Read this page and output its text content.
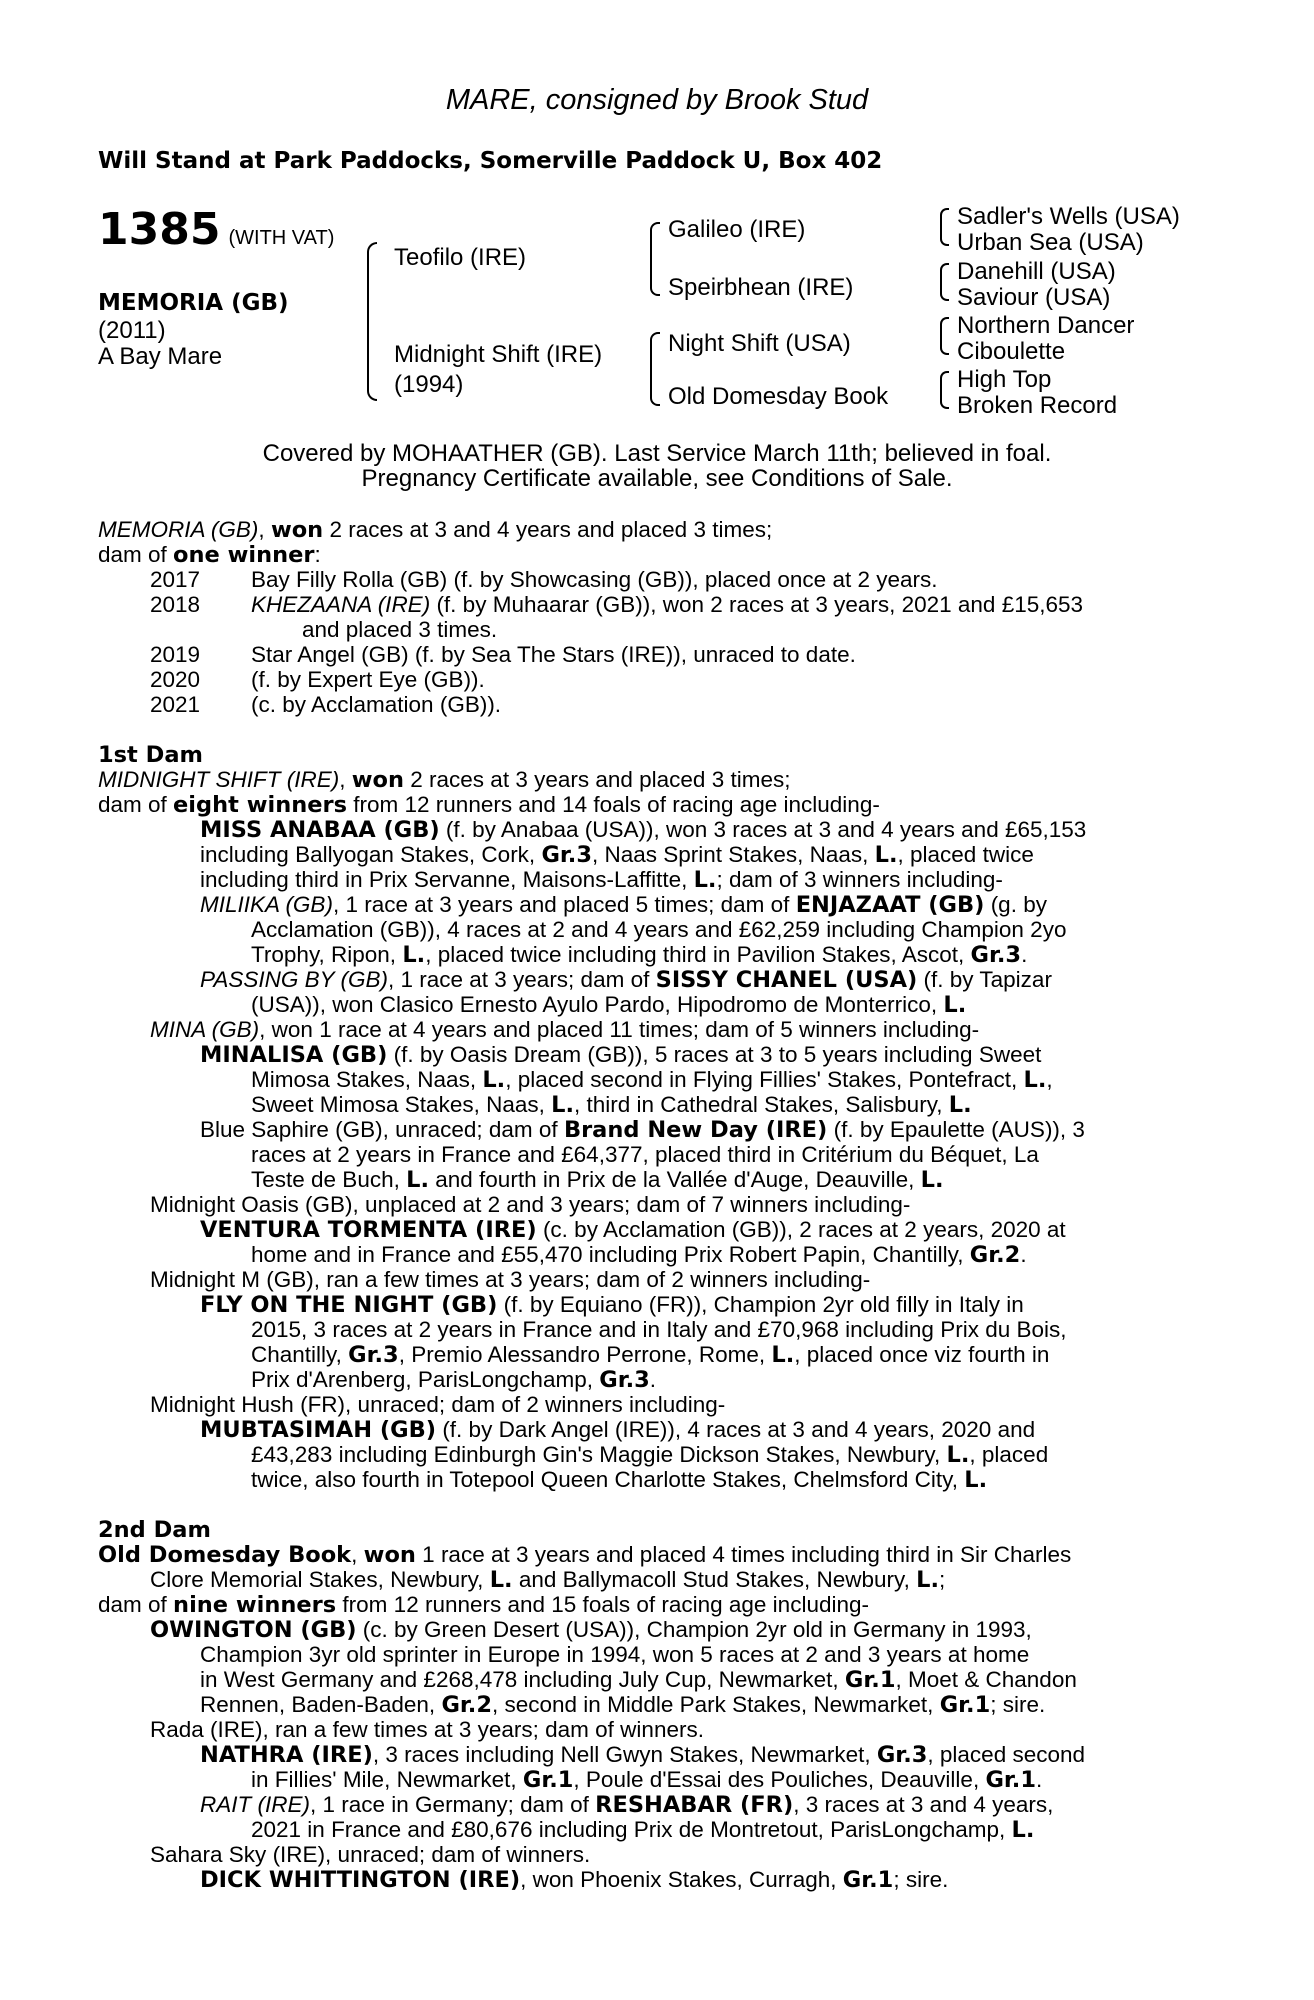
MARE, consigned by Brook Stud
Will Stand at Park Paddocks, Somerville Paddock U, Box 402
1385 (WITH VAT)
MEMORIA (GB)
(2011)
A Bay Mare
Teofilo (IRE)
Midnight Shift (IRE)
(1994)
Galileo (IRE)
Speirbhean (IRE)
Night Shift (USA)
Old Domesday Book
Sadler's Wells (USA)
Urban Sea (USA)
Danehill (USA)
Saviour (USA)
Northern Dancer
Ciboulette
High Top
Broken Record
Covered by MOHAATHER (GB). Last Service March 11th; believed in foal.
Pregnancy Certificate available, see Conditions of Sale.
MEMORIA (GB), won 2 races at 3 and 4 years and placed 3 times;
dam of one winner:
2017 Bay Filly Rolla (GB) (f. by Showcasing (GB)), placed once at 2 years.
2018 KHEZAANA (IRE) (f. by Muhaarar (GB)), won 2 races at 3 years, 2021 and £15,653
and placed 3 times.
2019 Star Angel (GB) (f. by Sea The Stars (IRE)), unraced to date.
2020 (f. by Expert Eye (GB)).
2021 (c. by Acclamation (GB)).
1st Dam
MIDNIGHT SHIFT (IRE), won 2 races at 3 years and placed 3 times;
dam of eight winners from 12 runners and 14 foals of racing age including-
MISS ANABAA (GB) (f. by Anabaa (USA)), won 3 races at 3 and 4 years and £65,153
including Ballyogan Stakes, Cork, Gr.3, Naas Sprint Stakes, Naas, L., placed twice
including third in Prix Servanne, Maisons-Laffitte, L.; dam of 3 winners including-
MILIIKA (GB), 1 race at 3 years and placed 5 times; dam of ENJAZAAT (GB) (g. by
Acclamation (GB)), 4 races at 2 and 4 years and £62,259 including Champion 2yo
Trophy, Ripon, L., placed twice including third in Pavilion Stakes, Ascot, Gr.3.
PASSING BY (GB), 1 race at 3 years; dam of SISSY CHANEL (USA) (f. by Tapizar
(USA)), won Clasico Ernesto Ayulo Pardo, Hipodromo de Monterrico, L.
MINA (GB), won 1 race at 4 years and placed 11 times; dam of 5 winners including-
MINALISA (GB) (f. by Oasis Dream (GB)), 5 races at 3 to 5 years including Sweet
Mimosa Stakes, Naas, L., placed second in Flying Fillies' Stakes, Pontefract, L.,
Sweet Mimosa Stakes, Naas, L., third in Cathedral Stakes, Salisbury, L.
Blue Saphire (GB), unraced; dam of Brand New Day (IRE) (f. by Epaulette (AUS)), 3
races at 2 years in France and £64,377, placed third in Critérium du Béquet, La
Teste de Buch, L. and fourth in Prix de la Vallée d'Auge, Deauville, L.
Midnight Oasis (GB), unplaced at 2 and 3 years; dam of 7 winners including-
VENTURA TORMENTA (IRE) (c. by Acclamation (GB)), 2 races at 2 years, 2020 at
home and in France and £55,470 including Prix Robert Papin, Chantilly, Gr.2.
Midnight M (GB), ran a few times at 3 years; dam of 2 winners including-
FLY ON THE NIGHT (GB) (f. by Equiano (FR)), Champion 2yr old filly in Italy in
2015, 3 races at 2 years in France and in Italy and £70,968 including Prix du Bois,
Chantilly, Gr.3, Premio Alessandro Perrone, Rome, L., placed once viz fourth in
Prix d'Arenberg, ParisLongchamp, Gr.3.
Midnight Hush (FR), unraced; dam of 2 winners including-
MUBTASIMAH (GB) (f. by Dark Angel (IRE)), 4 races at 3 and 4 years, 2020 and
£43,283 including Edinburgh Gin's Maggie Dickson Stakes, Newbury, L., placed
twice, also fourth in Totepool Queen Charlotte Stakes, Chelmsford City, L.
2nd Dam
Old Domesday Book, won 1 race at 3 years and placed 4 times including third in Sir Charles
Clore Memorial Stakes, Newbury, L. and Ballymacoll Stud Stakes, Newbury, L.;
dam of nine winners from 12 runners and 15 foals of racing age including-
OWINGTON (GB) (c. by Green Desert (USA)), Champion 2yr old in Germany in 1993,
Champion 3yr old sprinter in Europe in 1994, won 5 races at 2 and 3 years at home
in West Germany and £268,478 including July Cup, Newmarket, Gr.1, Moet & Chandon
Rennen, Baden-Baden, Gr.2, second in Middle Park Stakes, Newmarket, Gr.1; sire.
Rada (IRE), ran a few times at 3 years; dam of winners.
NATHRA (IRE), 3 races including Nell Gwyn Stakes, Newmarket, Gr.3, placed second
in Fillies' Mile, Newmarket, Gr.1, Poule d'Essai des Pouliches, Deauville, Gr.1.
RAIT (IRE), 1 race in Germany; dam of RESHABAR (FR), 3 races at 3 and 4 years,
2021 in France and £80,676 including Prix de Montretout, ParisLongchamp, L.
Sahara Sky (IRE), unraced; dam of winners.
DICK WHITTINGTON (IRE), won Phoenix Stakes, Curragh, Gr.1; sire.
